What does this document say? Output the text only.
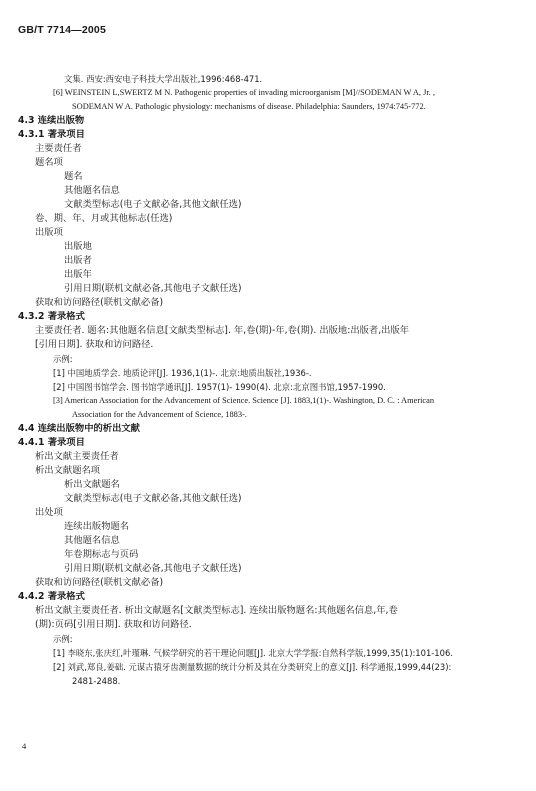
GB/T 7714—2005
文集. 西安:西安电子科技大学出版社,1996:468-471.
[6] WEINSTEIN L,SWERTZ M N. Pathogenic properties of invading microorganism [M]//SODEMAN W A, Jr. ,
SODEMAN W A. Pathologic physiology: mechanisms of disease. Philadelphia: Saunders, 1974:745-772.
4.3 连续出版物
4.3.1 著录项目
主要责任者
题名项
题名
其他题名信息
文献类型标志(电子文献必备,其他文献任选)
卷、期、年、月或其他标志(任选)
出版项
出版地
出版者
出版年
引用日期(联机文献必备,其他电子文献任选)
获取和访问路径(联机文献必备)
4.3.2 著录格式
主要责任者. 题名:其他题名信息[文献类型标志]. 年,卷(期)-年,卷(期). 出版地:出版者,出版年
[引用日期]. 获取和访问路径.
示例:
[1] 中国地质学会. 地质论评[J]. 1936,1(1)-. 北京:地质出版社,1936-.
[2] 中国图书馆学会. 图书馆学通讯[J]. 1957(1)- 1990(4). 北京:北京图书馆,1957-1990.
[3] American Association for the Advancement of Science. Science [J]. 1883,1(1)-. Washington, D. C. : American
Association for the Advancement of Science, 1883-.
4.4 连续出版物中的析出文献
4.4.1 著录项目
析出文献主要责任者
析出文献题名项
析出文献题名
文献类型标志(电子文献必备,其他文献任选)
出处项
连续出版物题名
其他题名信息
年卷期标志与页码
引用日期(联机文献必备,其他电子文献任选)
获取和访问路径(联机文献必备)
4.4.2 著录格式
析出文献主要责任者. 析出文献题名[文献类型标志]. 连续出版物题名:其他题名信息,年,卷
(期):页码[引用日期]. 获取和访问路径.
示例:
[1] 李晓东,张庆红,叶瑾琳. 气候学研究的若干理论问题[J]. 北京大学学报:自然科学版,1999,35(1):101-106.
[2] 刘武,郑良,姜础. 元谋古猿牙齿测量数据的统计分析及其在分类研究上的意义[J]. 科学通报,1999,44(23):
2481-2488.
4
